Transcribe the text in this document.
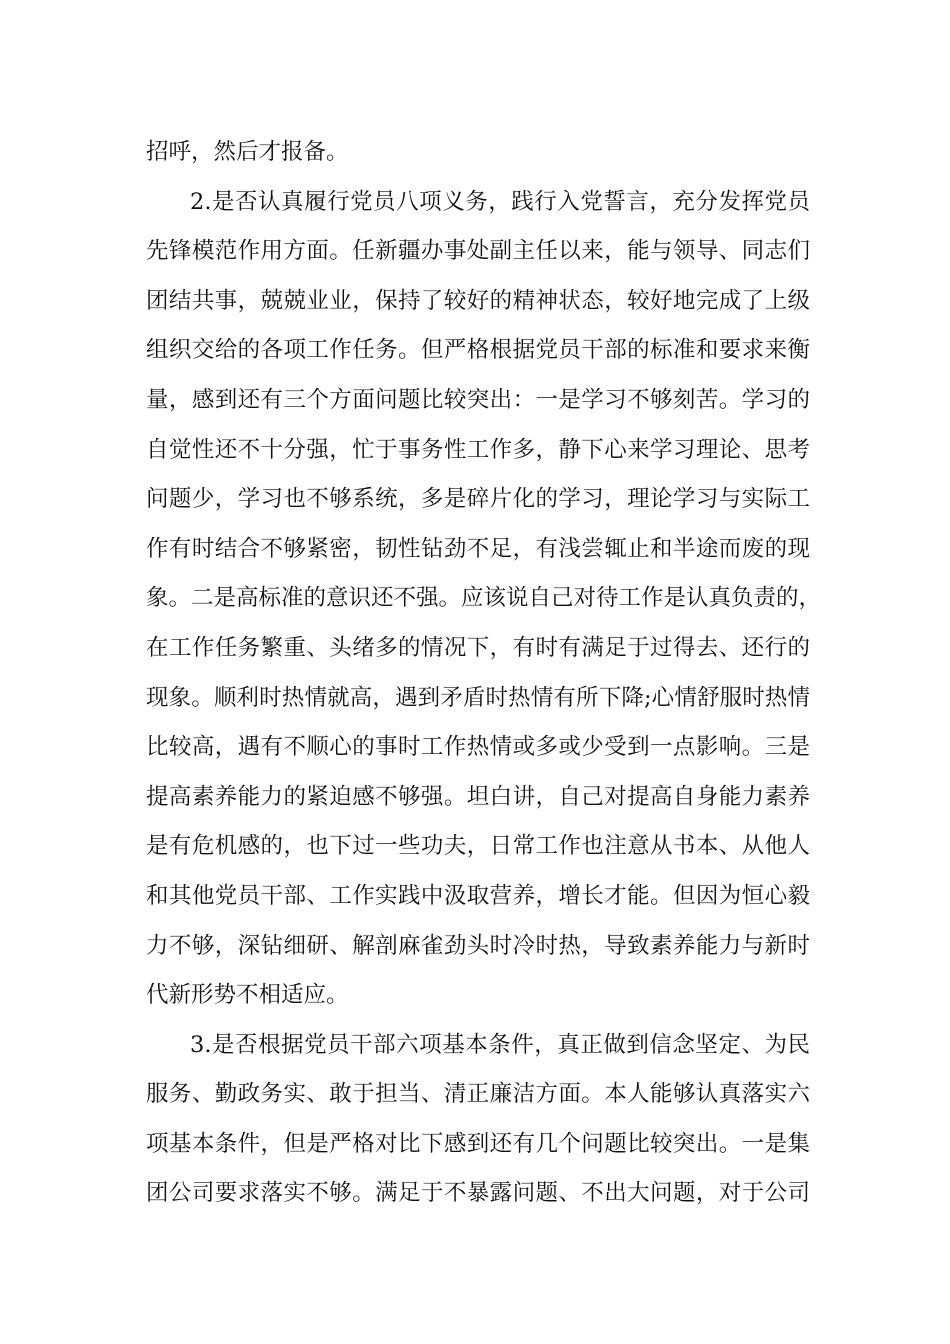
招呼，然后才报备。
2.是否认真履行党员八项义务，践行入党誓言，充分发挥党员
先锋模范作用方面。任新疆办事处副主任以来，能与领导、同志们
团结共事，兢兢业业，保持了较好的精神状态，较好地完成了上级
组织交给的各项工作任务。但严格根据党员干部的标准和要求来衡
量，感到还有三个方面问题比较突出：一是学习不够刻苦。学习的
自觉性还不十分强，忙于事务性工作多，静下心来学习理论、思考
问题少，学习也不够系统，多是碎片化的学习，理论学习与实际工
作有时结合不够紧密，韧性钻劲不足，有浅尝辄止和半途而废的现
象。二是高标准的意识还不强。应该说自己对待工作是认真负责的，
在工作任务繁重、头绪多的情况下，有时有满足于过得去、还行的
现象。顺利时热情就高，遇到矛盾时热情有所下降;心情舒服时热情
比较高，遇有不顺心的事时工作热情或多或少受到一点影响。三是
提高素养能力的紧迫感不够强。坦白讲，自己对提高自身能力素养
是有危机感的，也下过一些功夫，日常工作也注意从书本、从他人
和其他党员干部、工作实践中汲取营养，增长才能。但因为恒心毅
力不够，深钻细研、解剖麻雀劲头时冷时热，导致素养能力与新时
代新形势不相适应。
3.是否根据党员干部六项基本条件，真正做到信念坚定、为民
服务、勤政务实、敢于担当、清正廉洁方面。本人能够认真落实六
项基本条件，但是严格对比下感到还有几个问题比较突出。一是集
团公司要求落实不够。满足于不暴露问题、不出大问题，对于公司
